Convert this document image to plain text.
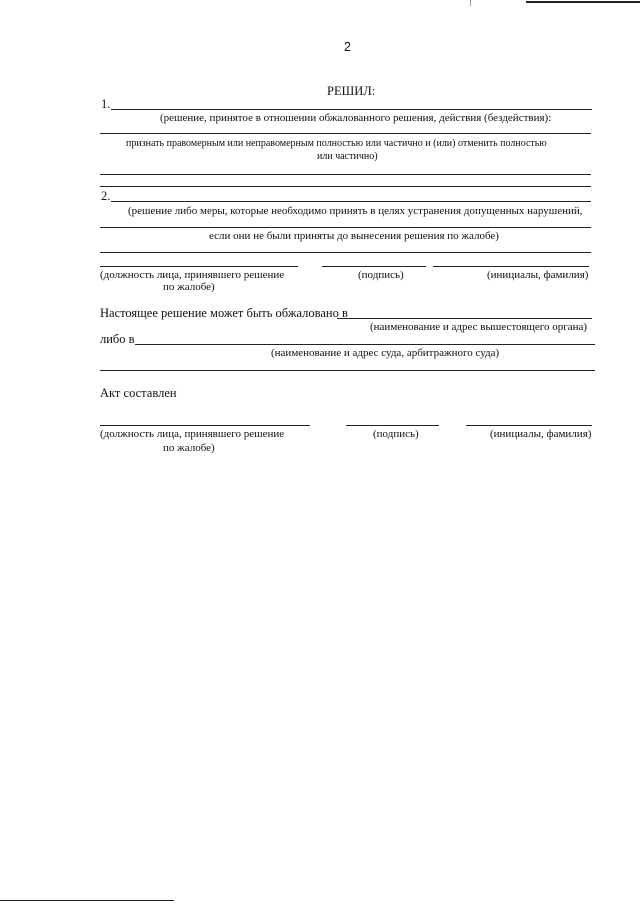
2
РЕШИЛ:
1.
(решение, принятое в отношении обжалованного решения, действия (бездействия):
признать правомерным или неправомерным полностью или частично и (или) отменить полностью
или частично)
2.
(решение либо меры, которые необходимо принять в целях устранения допущенных нарушений,
если они не были приняты до вынесения решения по жалобе)
(должность лица, принявшего решение
по жалобе)
(подпись)	(инициалы, фамилия)
Настоящее решение может быть обжаловано в
(наименование и адрес вышестоящего органа)
либо в
(наименование и адрес суда, арбитражного суда)
Акт составлен
(должность лица, принявшего решение
по жалобе)
(подпись)	(инициалы, фамилия)
